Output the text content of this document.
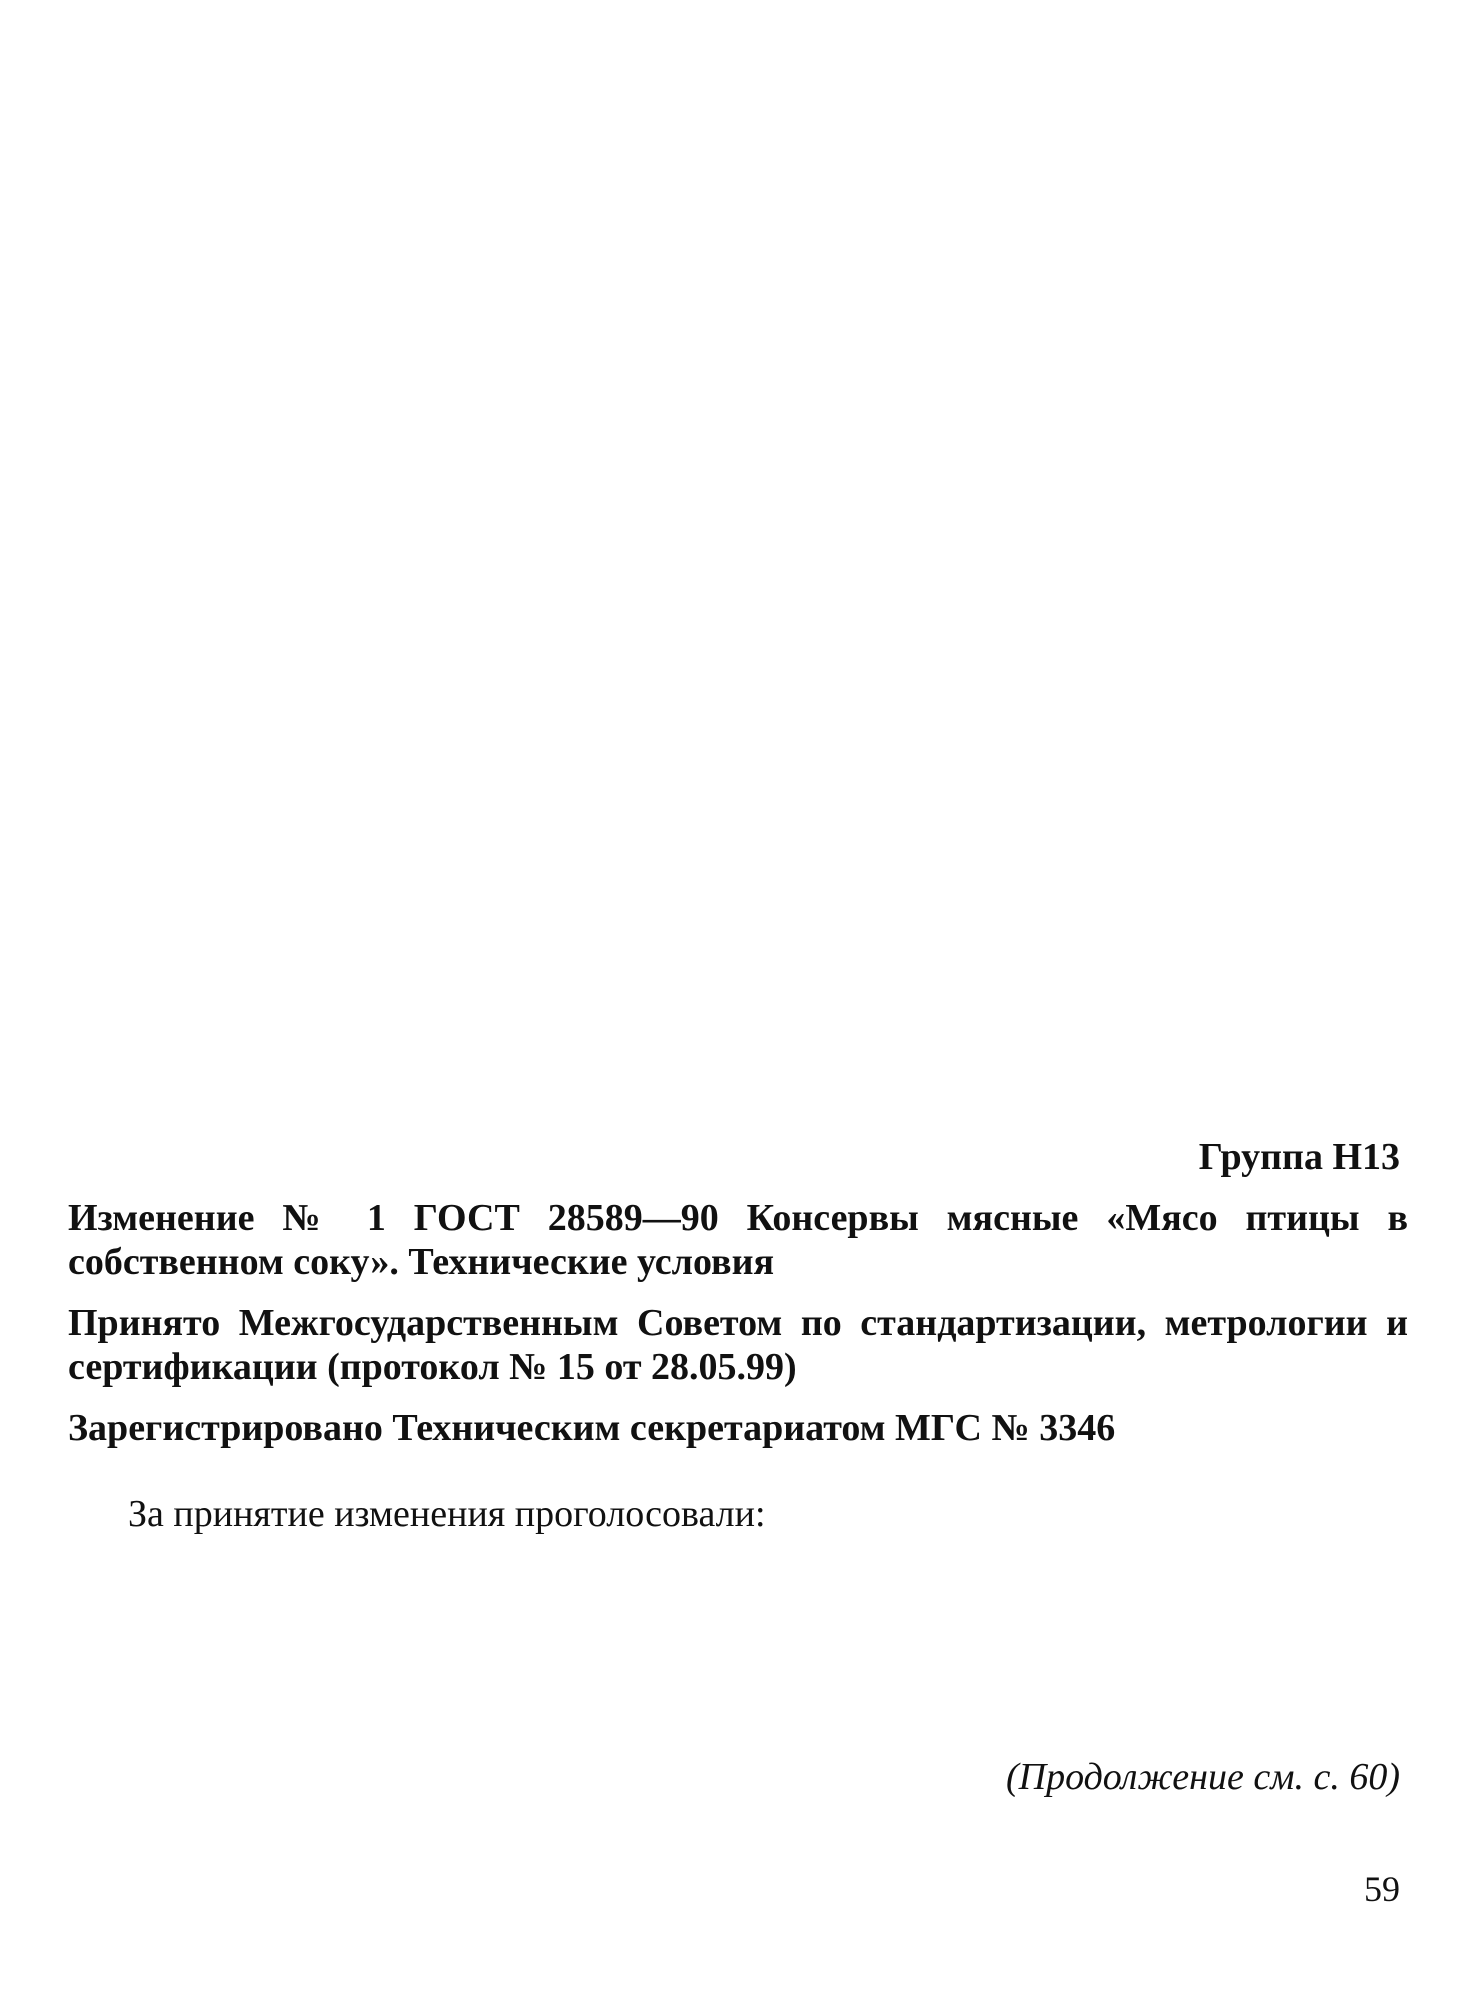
Группа Н13
Изменение № 1 ГОСТ 28589—90 Консервы мясные «Мясо птицы в собственном соку». Технические условия
Принято Межгосударственным Советом по стандартизации, метрологии и сертификации (протокол № 15 от 28.05.99)
Зарегистрировано Техническим секретариатом МГС № 3346
За принятие изменения проголосовали:
(Продолжение см. с. 60)
59
